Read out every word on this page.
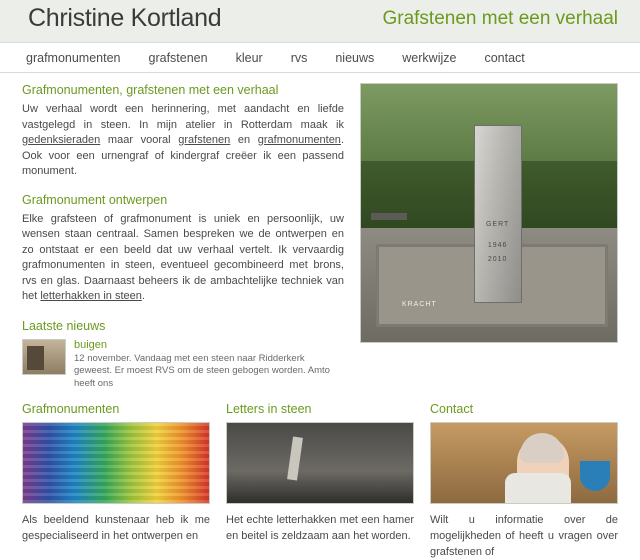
Christine Kortland	Grafstenen met een verhaal
grafmonumenten	grafstenen	kleur	rvs	nieuws	werkwijze	contact
Grafmonumenten, grafstenen met een verhaal

Uw verhaal wordt een herinnering, met aandacht en liefde vastgelegd in steen. In mijn atelier in Rotterdam maak ik gedenksieraden maar vooral grafstenen en grafmonumenten. Ook voor een urnengraf of kindergraf creëer ik een passend monument.

Grafmonument ontwerpen

Elke grafsteen of grafmonument is uniek en persoonlijk, uw wensen staan centraal. Samen bespreken we de ontwerpen en zo ontstaat er een beeld dat uw verhaal vertelt. Ik vervaardig grafmonumenten in steen, eventueel gecombineerd met brons, rvs en glas. Daarnaast beheers ik de ambachtelijke techniek van het letterhakken in steen.

Laatste nieuws

buigen

12 november. Vandaag met een steen naar Ridderkerk geweest. Er moest RVS om de steen gebogen worden. Amto heeft ons

GERT
1946
2010
KRACHT
Grafmonumenten

Als beeldend kunstenaar heb ik me gespecialiseerd in het ontwerpen en

Letters in steen

Het echte letterhakken met een hamer en beitel is zeldzaam aan het worden.

Contact

Wilt u informatie over de mogelijkheden of heeft u vragen over grafstenen of
